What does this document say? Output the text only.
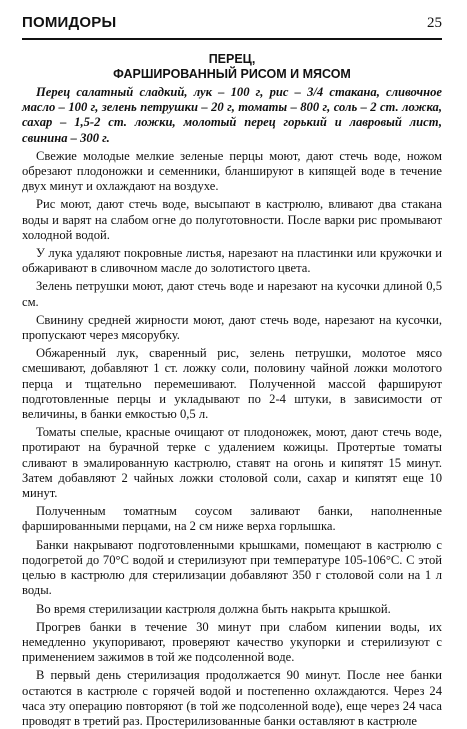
ПОМИДОРЫ	25
ПЕРЕЦ,
ФАРШИРОВАННЫЙ РИСОМ И МЯСОМ

Перец салатный сладкий, лук – 100 г, рис – 3/4 стакана, сливочное масло – 100 г, зелень петрушки – 20 г, томаты – 800 г, соль – 2 ст. ложка, сахар – 1,5-2 ст. ложки, молотый перец горький и лавровый лист, свинина – 300 г.

Свежие молодые мелкие зеленые перцы моют, дают стечь воде, ножом обрезают плодоножки и семенники, бланшируют в кипящей воде в течение двух минут и охлаждают на воздухе.

Рис моют, дают стечь воде, высыпают в кастрюлю, вливают два стакана воды и варят на слабом огне до полуготовности. После варки рис промывают холодной водой.

У лука удаляют покровные листья, нарезают на пластинки или кружочки и обжаривают в сливочном масле до золотистого цвета.

Зелень петрушки моют, дают стечь воде и нарезают на кусочки длиной 0,5 см.

Свинину средней жирности моют, дают стечь воде, нарезают на кусочки, пропускают через мясорубку.

Обжаренный лук, сваренный рис, зелень петрушки, молотое мясо смешивают, добавляют 1 ст. ложку соли, половину чайной ложки молотого перца и тщательно перемешивают. Полученной массой фаршируют подготовленные перцы и укладывают по 2-4 штуки, в зависимости от величины, в банки емкостью 0,5 л.

Томаты спелые, красные очищают от плодоножек, моют, дают стечь воде, протирают на бурачной терке с удалением кожицы. Протертые томаты сливают в эмалированную кастрюлю, ставят на огонь и кипятят 15 минут. Затем добавляют 2 чайных ложки столовой соли, сахар и кипятят еще 10 минут.

Полученным томатным соусом заливают банки, наполненные фаршированными перцами, на 2 см ниже верха горлышка.

Банки накрывают подготовленными крышками, помещают в кастрюлю с подогретой до 70°С водой и стерилизуют при температуре 105-106°С. С этой целью в кастрюлю для стерилизации добавляют 350 г столовой соли на 1 л воды.

Во время стерилизации кастрюля должна быть накрыта крышкой.

Прогрев банки в течение 30 минут при слабом кипении воды, их немедленно укупоривают, проверяют качество укупорки и стерилизуют с применением зажимов в той же подсоленной воде.

В первый день стерилизация продолжается 90 минут. После нее банки остаются в кастрюле с горячей водой и постепенно охлаждаются. Через 24 часа эту операцию повторяют (в той же подсоленной воде), еще через 24 часа проводят в третий раз. Простерилизованные банки оставляют в кастрюле
